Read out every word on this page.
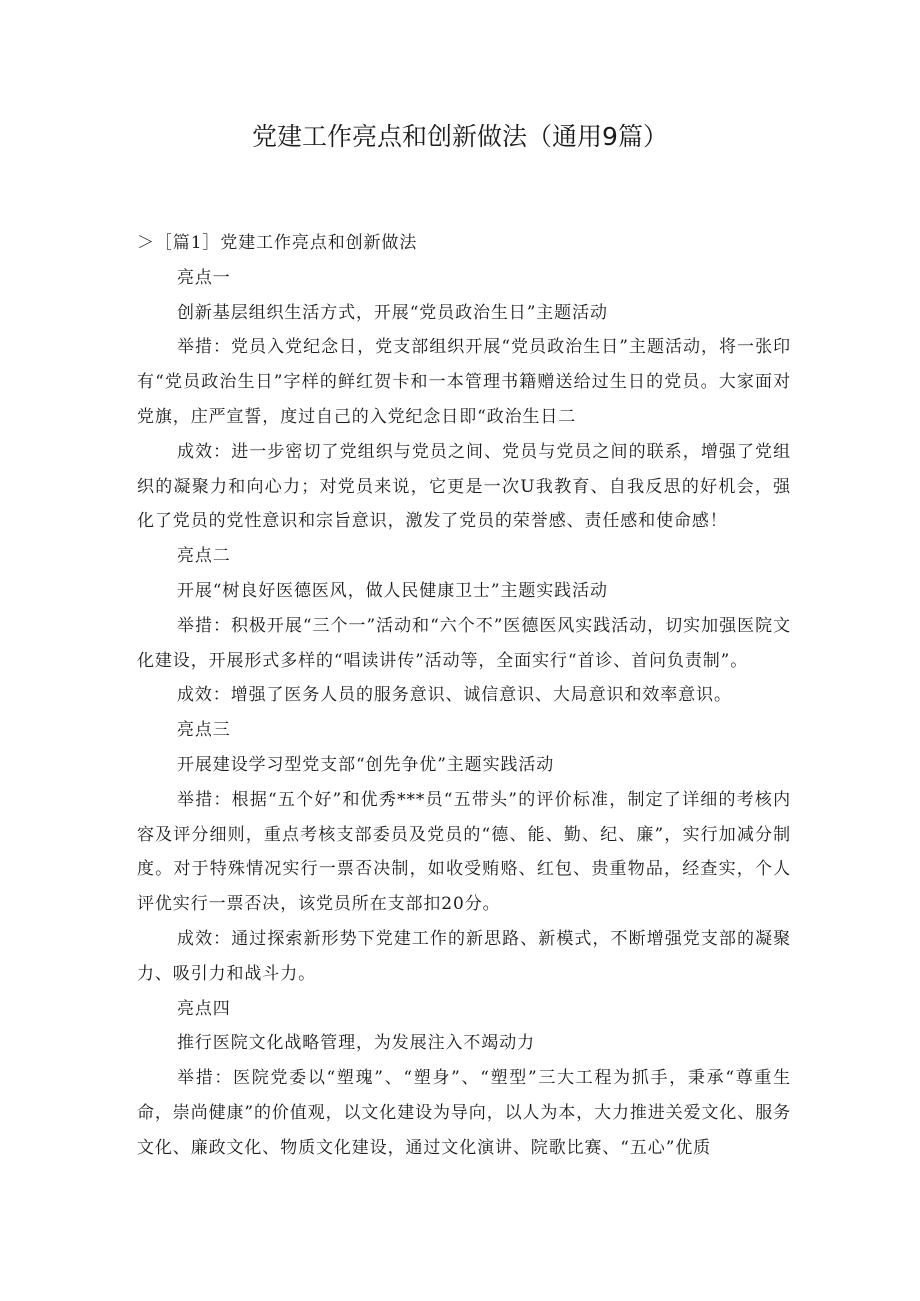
党建工作亮点和创新做法（通用9篇）

＞［篇1］党建工作亮点和创新做法

亮点一

创新基层组织生活方式，开展“党员政治生日”主题活动

举措：党员入党纪念日，党支部组织开展“党员政治生日”主题活动，将一张印有“党员政治生日”字样的鲜红贺卡和一本管理书籍赠送给过生日的党员。大家面对党旗，庄严宣誓，度过自己的入党纪念日即“政治生日二

成效：进一步密切了党组织与党员之间、党员与党员之间的联系，增强了党组织的凝聚力和向心力；对党员来说，它更是一次U我教育、自我反思的好机会，强化了党员的党性意识和宗旨意识，激发了党员的荣誉感、责任感和使命感！

亮点二

开展“树良好医德医风，做人民健康卫士”主题实践活动

举措：积极开展“三个一”活动和“六个不”医德医风实践活动，切实加强医院文化建设，开展形式多样的“唱读讲传”活动等，全面实行“首诊、首问负责制”。

成效：增强了医务人员的服务意识、诚信意识、大局意识和效率意识。

亮点三

开展建设学习型党支部“创先争优”主题实践活动

举措：根据“五个好”和优秀***员“五带头”的评价标准，制定了详细的考核内容及评分细则，重点考核支部委员及党员的“德、能、勤、纪、廉”，实行加减分制度。对于特殊情况实行一票否决制，如收受贿赂、红包、贵重物品，经查实，个人评优实行一票否决，该党员所在支部扣20分。

成效：通过探索新形势下党建工作的新思路、新模式，不断增强党支部的凝聚力、吸引力和战斗力。

亮点四

推行医院文化战略管理，为发展注入不竭动力

举措：医院党委以“塑瑰”、“塑身”、“塑型”三大工程为抓手，秉承“尊重生命，崇尚健康”的价值观，以文化建设为导向，以人为本，大力推进关爱文化、服务文化、廉政文化、物质文化建设，通过文化演讲、院歌比赛、“五心”优质
